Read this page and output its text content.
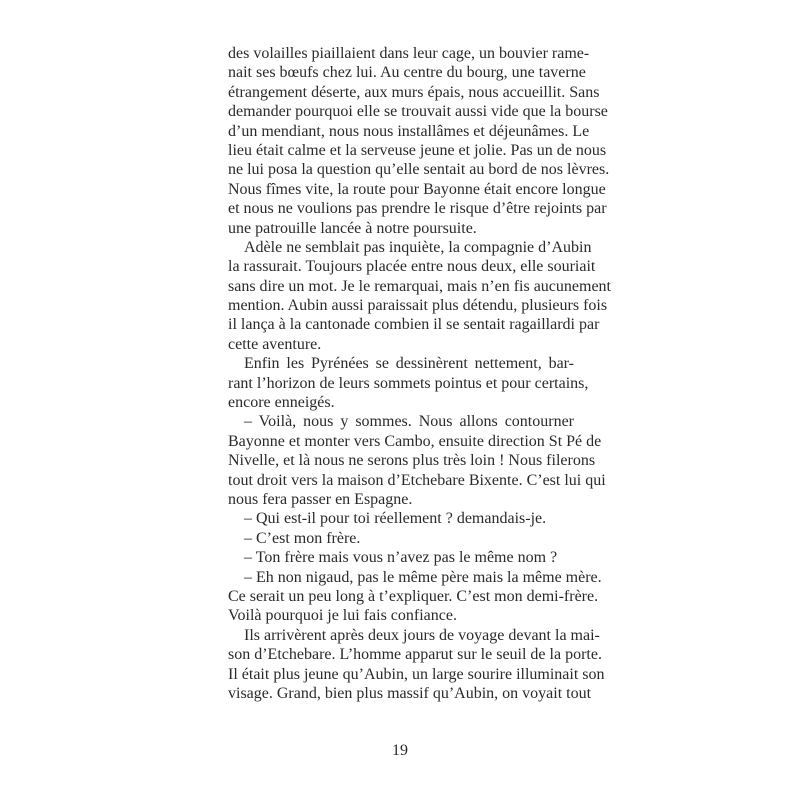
des volailles piaillaient dans leur cage, un bouvier rame-
nait ses bœufs chez lui. Au centre du bourg, une taverne
étrangement déserte, aux murs épais, nous accueillit. Sans
demander pourquoi elle se trouvait aussi vide que la bourse
d’un mendiant, nous nous installâmes et déjeunâmes. Le
lieu était calme et la serveuse jeune et jolie. Pas un de nous
ne lui posa la question qu’elle sentait au bord de nos lèvres.
Nous fîmes vite, la route pour Bayonne était encore longue
et nous ne voulions pas prendre le risque d’être rejoints par
une patrouille lancée à notre poursuite.
Adèle ne semblait pas inquiète, la compagnie d’Aubin
la rassurait. Toujours placée entre nous deux, elle souriait
sans dire un mot. Je le remarquai, mais n’en fis aucunement
mention. Aubin aussi paraissait plus détendu, plusieurs fois
il lança à la cantonade combien il se sentait ragaillardi par
cette aventure.
Enfin les Pyrénées se dessinèrent nettement, bar-
rant l’horizon de leurs sommets pointus et pour certains,
encore enneigés.
– Voilà, nous y sommes. Nous allons contourner
Bayonne et monter vers Cambo, ensuite direction St Pé de
Nivelle, et là nous ne serons plus très loin ! Nous filerons
tout droit vers la maison d’Etchebare Bixente. C’est lui qui
nous fera passer en Espagne.
– Qui est-il pour toi réellement ? demandais-je.
– C’est mon frère.
– Ton frère mais vous n’avez pas le même nom ?
– Eh non nigaud, pas le même père mais la même mère.
Ce serait un peu long à t’expliquer. C’est mon demi-frère.
Voilà pourquoi je lui fais confiance.
Ils arrivèrent après deux jours de voyage devant la mai-
son d’Etchebare. L’homme apparut sur le seuil de la porte.
Il était plus jeune qu’Aubin, un large sourire illuminait son
visage. Grand, bien plus massif qu’Aubin, on voyait tout
19
